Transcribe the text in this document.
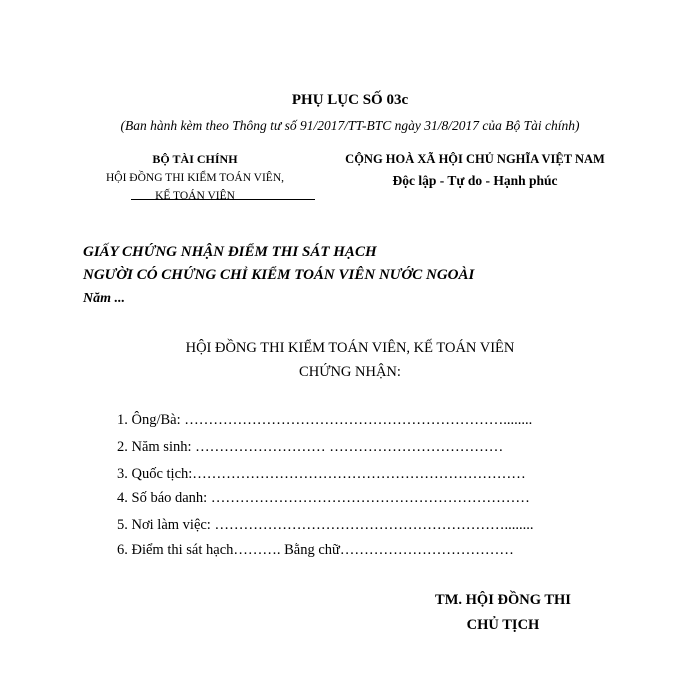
PHỤ LỤC SỐ 03c
(Ban hành kèm theo Thông tư số 91/2017/TT-BTC ngày 31/8/2017 của Bộ Tài chính)
BỘ TÀI CHÍNH
HỘI ĐỒNG THI KIỂM TOÁN VIÊN,
KẾ TOÁN VIÊN
CỘNG HOÀ XÃ HỘI CHỦ NGHĨA VIỆT NAM
Độc lập - Tự do - Hạnh phúc
GIẤY CHỨNG NHẬN ĐIỂM THI SÁT HẠCH
NGƯỜI CÓ CHỨNG CHỈ KIỂM TOÁN VIÊN NƯỚC NGOÀI
Năm ...
HỘI ĐỒNG THI KIỂM TOÁN VIÊN, KẾ TOÁN VIÊN
CHỨNG NHẬN:
1. Ông/Bà: …………………………………………………………........
2. Năm sinh: ……………………… ………………………………
3. Quốc tịch:……………………………………………………………
4. Số báo danh: …………………………………………………………
5. Nơi làm việc: ……………………………………………………........
6. Điểm thi sát hạch………. Bằng chữ………………………………
TM. HỘI ĐỒNG THI
CHỦ TỊCH
